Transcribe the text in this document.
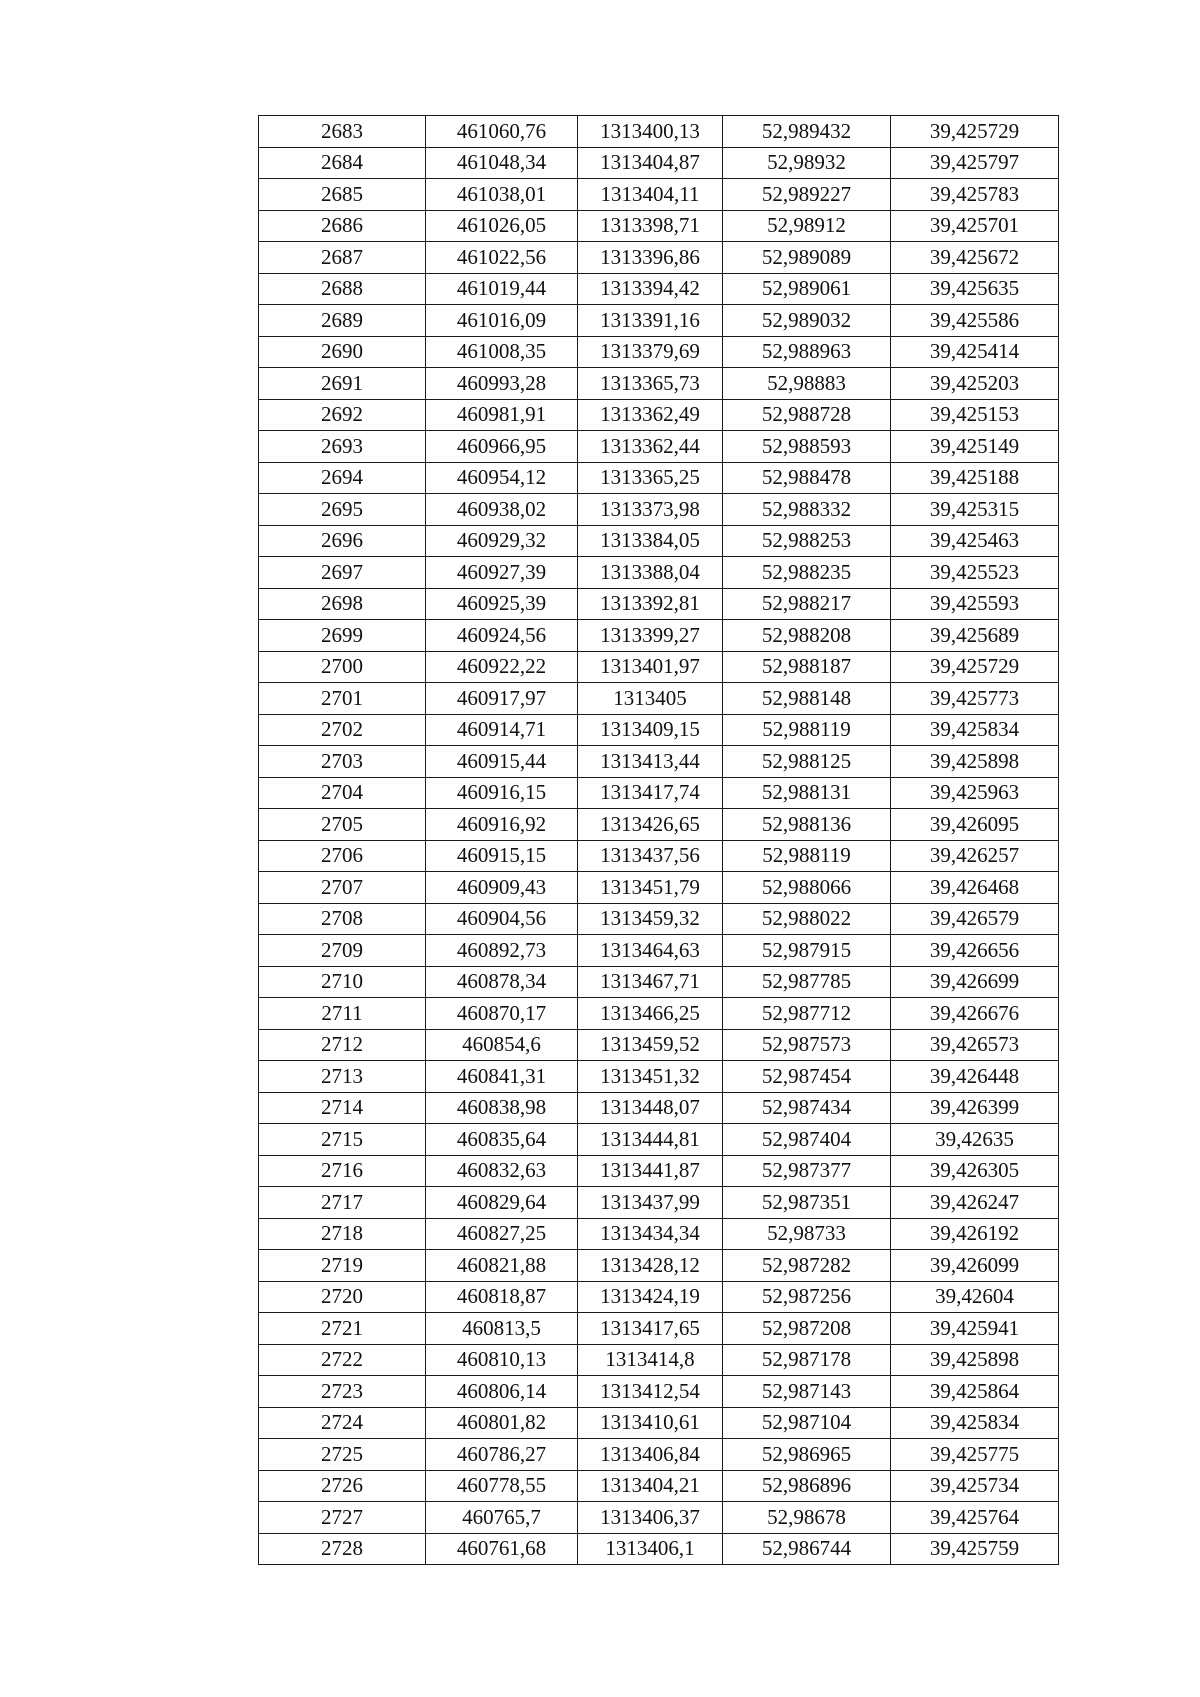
2683	461060,76	1313400,13	52,989432	39,425729
2684	461048,34	1313404,87	52,98932	39,425797
2685	461038,01	1313404,11	52,989227	39,425783
2686	461026,05	1313398,71	52,98912	39,425701
2687	461022,56	1313396,86	52,989089	39,425672
2688	461019,44	1313394,42	52,989061	39,425635
2689	461016,09	1313391,16	52,989032	39,425586
2690	461008,35	1313379,69	52,988963	39,425414
2691	460993,28	1313365,73	52,98883	39,425203
2692	460981,91	1313362,49	52,988728	39,425153
2693	460966,95	1313362,44	52,988593	39,425149
2694	460954,12	1313365,25	52,988478	39,425188
2695	460938,02	1313373,98	52,988332	39,425315
2696	460929,32	1313384,05	52,988253	39,425463
2697	460927,39	1313388,04	52,988235	39,425523
2698	460925,39	1313392,81	52,988217	39,425593
2699	460924,56	1313399,27	52,988208	39,425689
2700	460922,22	1313401,97	52,988187	39,425729
2701	460917,97	1313405	52,988148	39,425773
2702	460914,71	1313409,15	52,988119	39,425834
2703	460915,44	1313413,44	52,988125	39,425898
2704	460916,15	1313417,74	52,988131	39,425963
2705	460916,92	1313426,65	52,988136	39,426095
2706	460915,15	1313437,56	52,988119	39,426257
2707	460909,43	1313451,79	52,988066	39,426468
2708	460904,56	1313459,32	52,988022	39,426579
2709	460892,73	1313464,63	52,987915	39,426656
2710	460878,34	1313467,71	52,987785	39,426699
2711	460870,17	1313466,25	52,987712	39,426676
2712	460854,6	1313459,52	52,987573	39,426573
2713	460841,31	1313451,32	52,987454	39,426448
2714	460838,98	1313448,07	52,987434	39,426399
2715	460835,64	1313444,81	52,987404	39,42635
2716	460832,63	1313441,87	52,987377	39,426305
2717	460829,64	1313437,99	52,987351	39,426247
2718	460827,25	1313434,34	52,98733	39,426192
2719	460821,88	1313428,12	52,987282	39,426099
2720	460818,87	1313424,19	52,987256	39,42604
2721	460813,5	1313417,65	52,987208	39,425941
2722	460810,13	1313414,8	52,987178	39,425898
2723	460806,14	1313412,54	52,987143	39,425864
2724	460801,82	1313410,61	52,987104	39,425834
2725	460786,27	1313406,84	52,986965	39,425775
2726	460778,55	1313404,21	52,986896	39,425734
2727	460765,7	1313406,37	52,98678	39,425764
2728	460761,68	1313406,1	52,986744	39,425759
